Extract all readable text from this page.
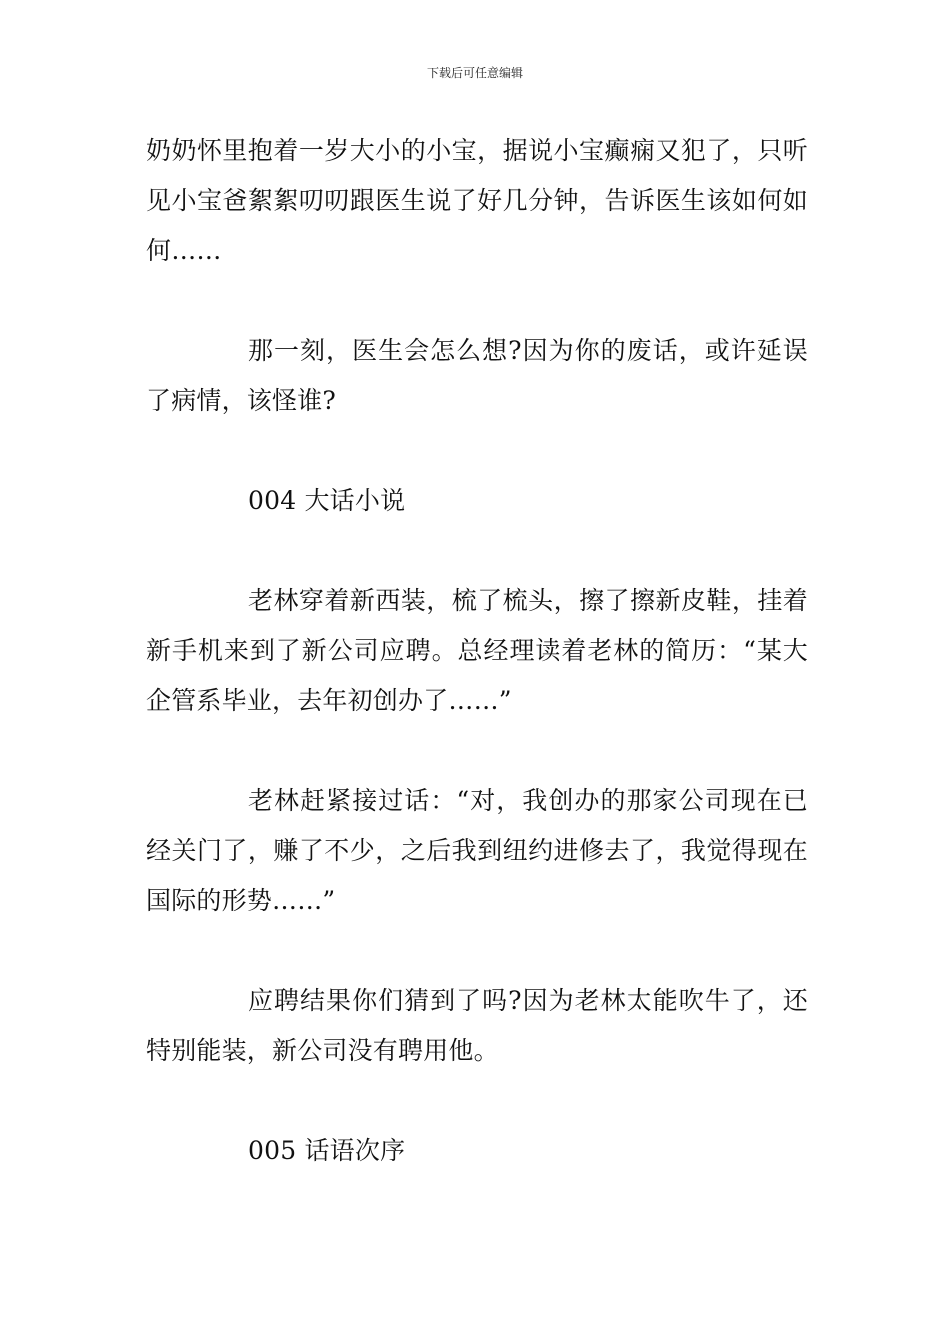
下载后可任意编辑

奶奶怀里抱着一岁大小的小宝，据说小宝癫痫又犯了，只听见小宝爸絮絮叨叨跟医生说了好几分钟，告诉医生该如何如何……

那一刻，医生会怎么想?因为你的废话，或许延误了病情，该怪谁?

004 大话小说

老林穿着新西装，梳了梳头，擦了擦新皮鞋，挂着新手机来到了新公司应聘。总经理读着老林的简历：“某大企管系毕业，去年初创办了……”

老林赶紧接过话：“对，我创办的那家公司现在已经关门了，赚了不少，之后我到纽约进修去了，我觉得现在国际的形势……”

应聘结果你们猜到了吗?因为老林太能吹牛了，还特别能装，新公司没有聘用他。

005 话语次序
